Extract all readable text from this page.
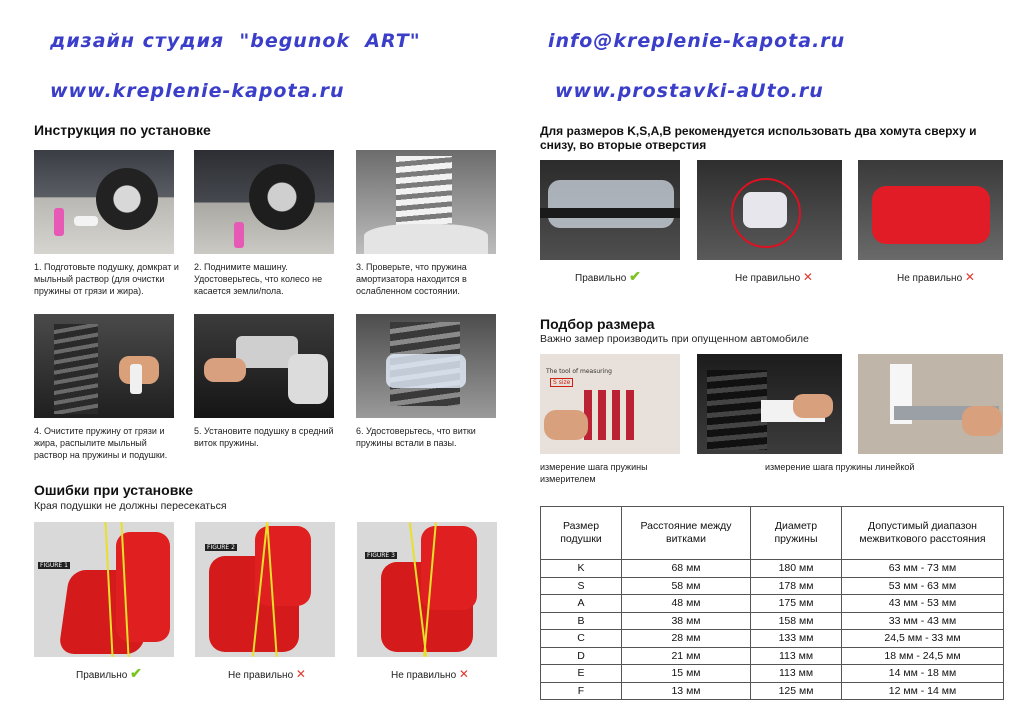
дизайн студия  "begunok  ART"	info@kreplenie-kapota.ru
www.kreplenie-kapota.ru	www.prostavki-aUto.ru
Инструкция по установке
1. Подготовьте подушку, домкрат и мыльный раствор (для очистки пружины от грязи и жира).
2. Поднимите машину. Удостоверьтесь, что колесо не касается земли/пола.
3. Проверьте, что пружина амортизатора находится в ослабленном состоянии.
4. Очистите пружину от грязи и жира, распылите мыльный раствор на пружины и подушки.
5. Установите подушку в средний виток пружины.
6. Удостоверьтесь, что витки пружины встали в пазы.
Ошибки при установке
Края подушки не должны пересекаться
FIGURE 1
FIGURE 2
FIGURE 3
Правильно ✔	Не правильно ✕	Не правильно ✕
Для размеров K,S,A,B рекомендуется использовать два хомута сверху и снизу, во вторые отверстия
Правильно ✔	Не правильно ✕	Не правильно ✕
Подбор размера
Важно замер производить при опущенном автомобиле
The tool of measuring
S size
измерение шага пружины измерителем
измерение шага пружины линейкой
Размер подушки	Расстояние между витками	Диаметр пружины	Допустимый диапазон межвиткового расстояния
K	68 мм	180 мм	63 мм - 73 мм
S	58 мм	178 мм	53 мм - 63 мм
A	48 мм	175 мм	43 мм - 53 мм
B	38 мм	158 мм	33 мм - 43 мм
C	28 мм	133 мм	24,5 мм - 33 мм
D	21 мм	113 мм	18 мм - 24,5 мм
E	15 мм	113 мм	14 мм - 18 мм
F	13 мм	125 мм	12 мм - 14 мм
